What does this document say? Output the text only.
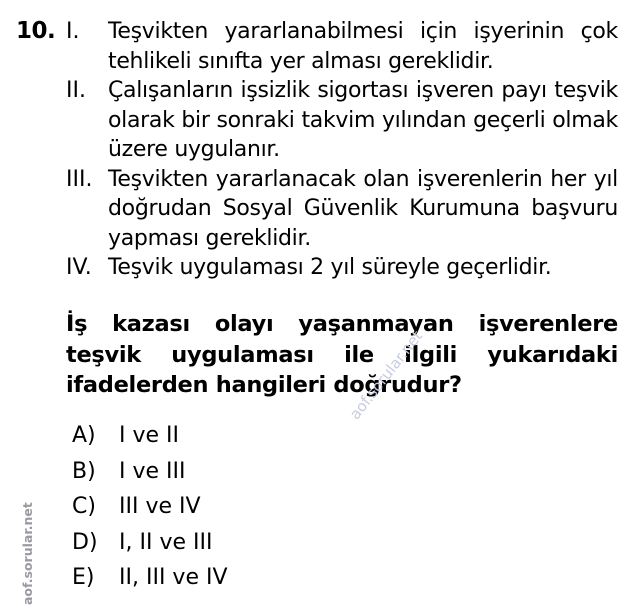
10. I.	Teşvikten yararlanabilmesi için işyerinin çok tehlikeli sınıfta yer alması gereklidir.
II.	Çalışanların işsizlik sigortası işveren payı teşvik olarak bir sonraki takvim yılından geçerli olmak üzere uygulanır.
III. Teşvikten yararlanacak olan işverenlerin her yıl doğrudan Sosyal Güvenlik Kurumuna başvuru yapması gereklidir.
IV. Teşvik uygulaması 2 yıl süreyle geçerlidir.
İş kazası olayı yaşanmayan işverenlere teşvik uygulaması ile ilgili yukarıdaki ifadelerden hangileri doğrudur?
A)	I ve II
B)	I ve III
C)	III ve IV
D) I, II ve III
E)	II, III ve IV
aof.sorular.net
aof.sorular.net
